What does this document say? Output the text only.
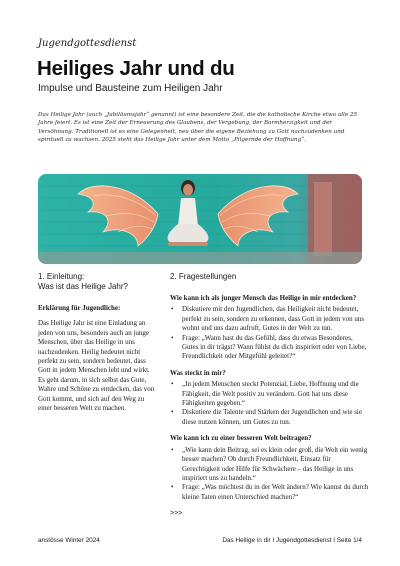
Jugendgottesdienst
Heiliges Jahr und du
Impulse und Bausteine zum Heiligen Jahr

Das Heilige Jahr (auch „Jubiläumsjahr“ genannt) ist eine besondere Zeit, die die katholische Kirche etwa alle 25 Jahre feiert. Es ist eine Zeit der Erneuerung des Glaubens, der Vergebung, der Barmherzigkeit und der Versöhnung. Traditionell ist es eine Gelegenheit, neu über die eigene Beziehung zu Gott nachzudenken und spirituell zu wachsen. 2025 steht das Heilige Jahr unter dem Motto „Pilgernde der Hoffnung“.

1. Einleitung:
Was ist das Heilige Jahr?

Erklärung für Jugendliche:

Das Heilige Jahr ist eine Einladung an jeden von uns, besonders auch an junge Menschen, über das Heilige in uns nachzudenken. Heilig bedeutet nicht perfekt zu sein, sondern bedeutet, dass Gott in jedem Menschen lebt und wirkt. Es geht darum, in sich selbst das Gute, Wahre und Schöne zu entdecken, das von Gott kommt, und sich auf den Weg zu einer besseren Welt zu machen.

2. Fragestellungen

Wie kann ich als junger Mensch das Heilige in mir entdecken?

• Diskutiere mit den Jugendlichen, das Heiligkeit nicht bedeutet, perfekt zu sein, sondern zu erkennen, dass Gott in jedem von uns wohnt und uns dazu aufruft, Gutes in der Welt zu tun.
• Frage: „Wann hast du das Gefühl, dass du etwas Besonderes, Gutes in dir trägst? Wann fühlst du dich inspiriert oder von Liebe, Freundlichkeit oder Mitgefühl geleitet?“

Was steckt in mir?

• „In jedem Menschen steckt Potenzial, Liebe, Hoffnung und die Fähigkeit, die Welt positiv zu verändern. Gott hat uns diese Fähigkeiten gegeben.“
• Diskutiere die Talente und Stärken der Jugendlichen und wie sie diese nutzen können, um Gutes zu tun.

Wie kann ich zu einer besseren Welt beitragen?

• „Wie kann dein Beitrag, sei es klein oder groß, die Welt ein wenig besser machen? Ob durch Freundlichkeit, Einsatz für Gerechtigkeit oder Hilfe für Schwächere – das Heilige in uns inspiriert uns zu handeln.“
• Frage: „Was möchtest du in der Welt ändern? Wie kannst du durch kleine Taten einen Unterschied machen?“
>>>
anstösse Winter 2024	Das Heilige in dir I Jugendgottesdienst I Seite 1/4
